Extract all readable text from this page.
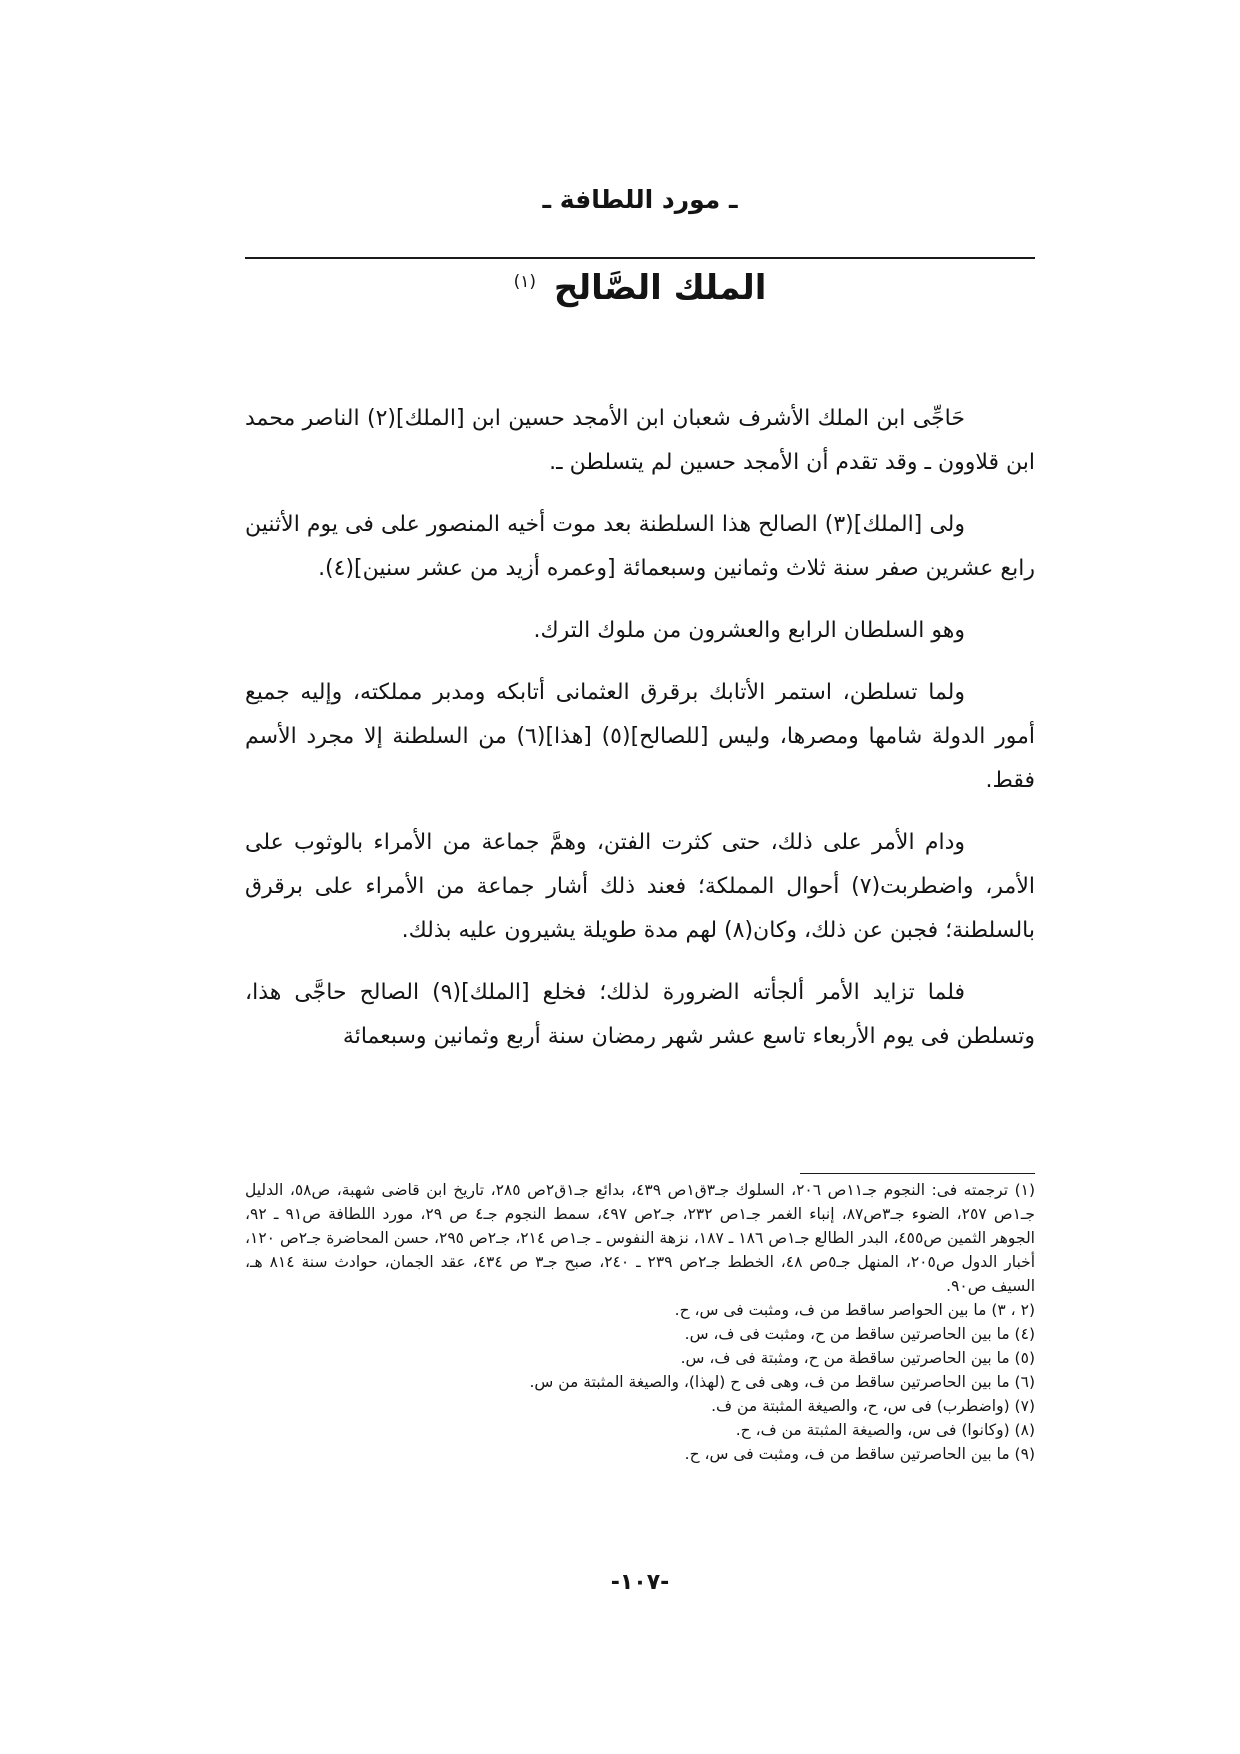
ـ مورد اللطافة ـ
الملك الصَّالح $^{(١)}$

حَاجِّى ابن الملك الأشرف شعبان ابن الأمجد حسين ابن [الملك](٢) الناصر محمد ابن قلاوون ـ وقد تقدم أن الأمجد حسين لم يتسلطن ـ.

ولى [الملك](٣) الصالح هذا السلطنة بعد موت أخيه المنصور على فى يوم الأثنين رابع عشرين صفر سنة ثلاث وثمانين وسبعمائة [وعمره أزيد من عشر سنين](٤).

وهو السلطان الرابع والعشرون من ملوك الترك.

ولما تسلطن، استمر الأتابك برقرق العثمانى أتابكه ومدبر مملكته، وإليه جميع أمور الدولة شامها ومصرها، وليس [للصالح](٥) [هذا](٦) من السلطنة إلا مجرد الأسم فقط.

ودام الأمر على ذلك، حتى كثرت الفتن، وهمَّ جماعة من الأمراء بالوثوب على الأمر، واضطربت(٧) أحوال المملكة؛ فعند ذلك أشار جماعة من الأمراء على برقرق بالسلطنة؛ فجبن عن ذلك، وكان(٨) لهم مدة طويلة يشيرون عليه بذلك.

فلما تزايد الأمر ألجأته الضرورة لذلك؛ فخلع [الملك](٩) الصالح حاجَّى هذا، وتسلطن فى يوم الأربعاء تاسع عشر شهر رمضان سنة أربع وثمانين وسبعمائة

(١) ترجمته فى: النجوم جـ١١ص ٢٠٦، السلوك جـ٣ق١ص ٤٣٩، بدائع جـ١ق٢ص ٢٨٥، تاريخ ابن قاضى شهبة، ص٥٨، الدليل جـ١ص ٢٥٧، الضوء جـ٣ص٨٧، إنباء الغمر جـ١ص ٢٣٢، جـ٢ص ٤٩٧، سمط النجوم جـ٤ ص ٢٩، مورد اللطافة ص٩١ ـ ٩٢، الجوهر الثمين ص٤٥٥، البدر الطالع جـ١ص ١٨٦ ـ ١٨٧، نزهة النفوس ـ جـ١ص ٢١٤، جـ٢ص ٢٩٥، حسن المحاضرة جـ٢ص ١٢٠، أخبار الدول ص٢٠٥، المنهل جـ٥ص ٤٨، الخطط جـ٢ص ٢٣٩ ـ ٢٤٠، صبح جـ٣ ص ٤٣٤، عقد الجمان، حوادث سنة ٨١٤ هـ، السيف ص٩٠.

(٢ ، ٣) ما بين الحواصر ساقط من ف، ومثبت فى س، ح.

(٤) ما بين الحاصرتين ساقط من ح، ومثبت فى ف، س.

(٥) ما بين الحاصرتين ساقطة من ح، ومثبتة فى ف، س.

(٦) ما بين الحاصرتين ساقط من ف، وهى فى ح (لهذا)، والصيغة المثبتة من س.

(٧) (واضطرب) فى س، ح، والصيغة المثبتة من ف.

(٨) (وكانوا) فى س، والصيغة المثبتة من ف، ح.

(٩) ما بين الحاصرتين ساقط من ف، ومثبت فى س، ح.

-١٠٧-
